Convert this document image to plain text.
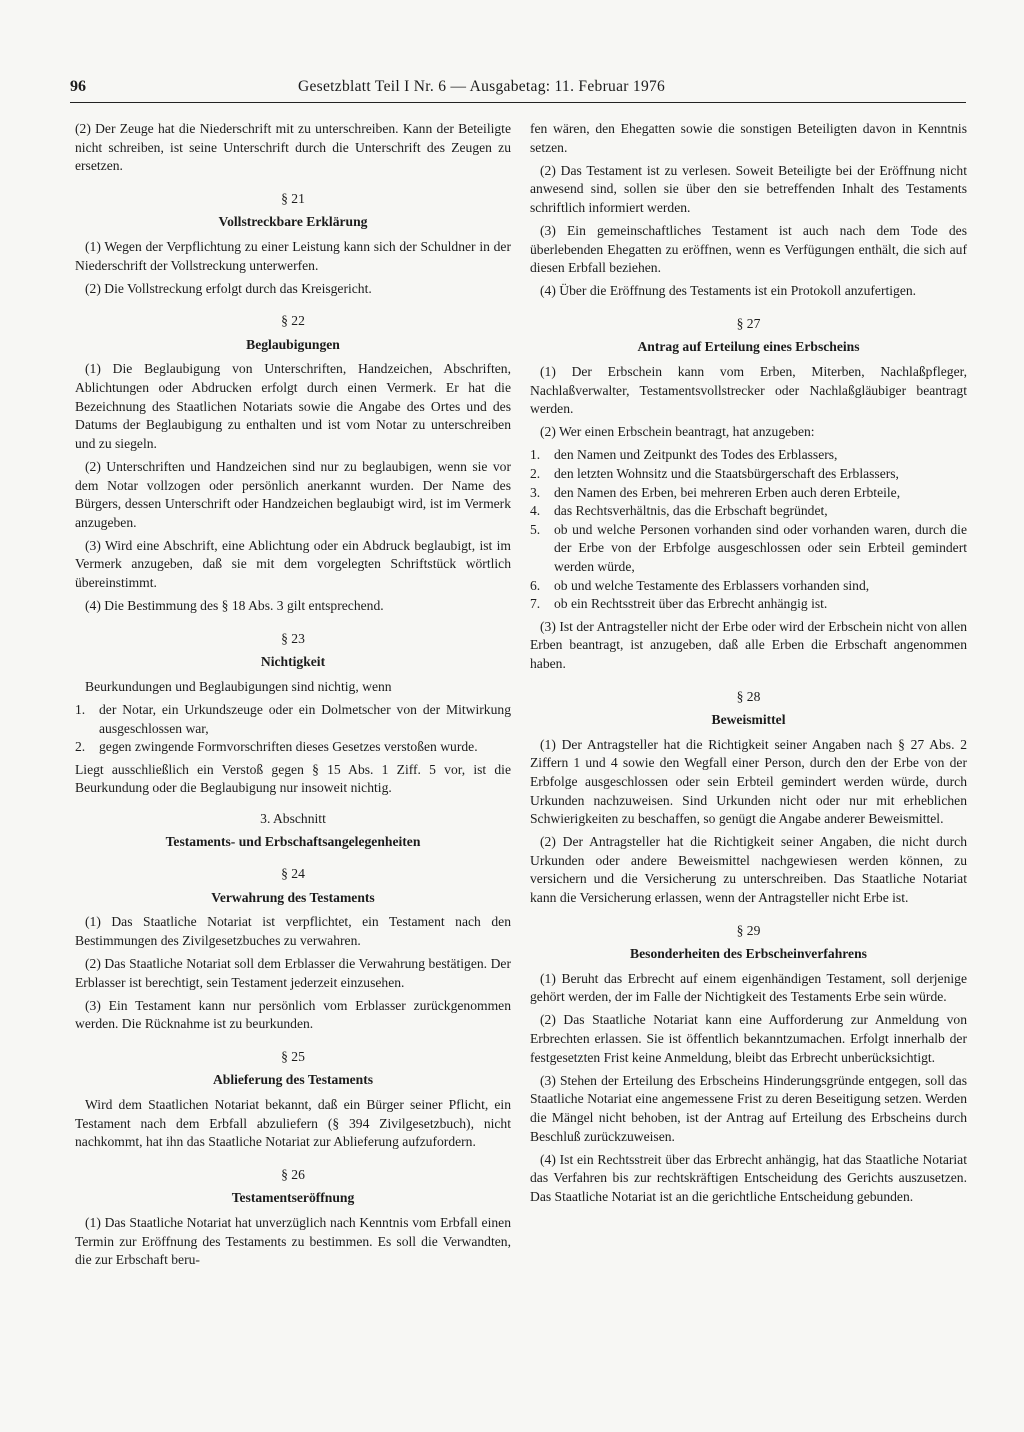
96	Gesetzblatt Teil I Nr. 6 — Ausgabetag: 11. Februar 1976

(2) Der Zeuge hat die Niederschrift mit zu unterschreiben. Kann der Beteiligte nicht schreiben, ist seine Unterschrift durch die Unterschrift des Zeugen zu ersetzen.

§ 21
Vollstreckbare Erklärung

(1) Wegen der Verpflichtung zu einer Leistung kann sich der Schuldner in der Niederschrift der Vollstreckung unterwerfen.

(2) Die Vollstreckung erfolgt durch das Kreisgericht.

§ 22
Beglaubigungen

(1) Die Beglaubigung von Unterschriften, Handzeichen, Abschriften, Ablichtungen oder Abdrucken erfolgt durch einen Vermerk. Er hat die Bezeichnung des Staatlichen Notariats sowie die Angabe des Ortes und des Datums der Beglaubigung zu enthalten und ist vom Notar zu unterschreiben und zu siegeln.

(2) Unterschriften und Handzeichen sind nur zu beglaubigen, wenn sie vor dem Notar vollzogen oder persönlich anerkannt wurden. Der Name des Bürgers, dessen Unterschrift oder Handzeichen beglaubigt wird, ist im Vermerk anzugeben.

(3) Wird eine Abschrift, eine Ablichtung oder ein Abdruck beglaubigt, ist im Vermerk anzugeben, daß sie mit dem vorgelegten Schriftstück wörtlich übereinstimmt.

(4) Die Bestimmung des § 18 Abs. 3 gilt entsprechend.

§ 23
Nichtigkeit

Beurkundungen und Beglaubigungen sind nichtig, wenn

1. der Notar, ein Urkundszeuge oder ein Dolmetscher von der Mitwirkung ausgeschlossen war,
2. gegen zwingende Formvorschriften dieses Gesetzes verstoßen wurde.

Liegt ausschließlich ein Verstoß gegen § 15 Abs. 1 Ziff. 5 vor, ist die Beurkundung oder die Beglaubigung nur insoweit nichtig.

3. Abschnitt
Testaments- und Erbschaftsangelegenheiten
§ 24
Verwahrung des Testaments

(1) Das Staatliche Notariat ist verpflichtet, ein Testament nach den Bestimmungen des Zivilgesetzbuches zu verwahren.

(2) Das Staatliche Notariat soll dem Erblasser die Verwahrung bestätigen. Der Erblasser ist berechtigt, sein Testament jederzeit einzusehen.

(3) Ein Testament kann nur persönlich vom Erblasser zurückgenommen werden. Die Rücknahme ist zu beurkunden.

§ 25
Ablieferung des Testaments

Wird dem Staatlichen Notariat bekannt, daß ein Bürger seiner Pflicht, ein Testament nach dem Erbfall abzuliefern (§ 394 Zivilgesetzbuch), nicht nachkommt, hat ihn das Staatliche Notariat zur Ablieferung aufzufordern.

§ 26
Testamentseröffnung

(1) Das Staatliche Notariat hat unverzüglich nach Kenntnis vom Erbfall einen Termin zur Eröffnung des Testaments zu bestimmen. Es soll die Verwandten, die zur Erbschaft beru-

fen wären, den Ehegatten sowie die sonstigen Beteiligten davon in Kenntnis setzen.

(2) Das Testament ist zu verlesen. Soweit Beteiligte bei der Eröffnung nicht anwesend sind, sollen sie über den sie betreffenden Inhalt des Testaments schriftlich informiert werden.

(3) Ein gemeinschaftliches Testament ist auch nach dem Tode des überlebenden Ehegatten zu eröffnen, wenn es Verfügungen enthält, die sich auf diesen Erbfall beziehen.

(4) Über die Eröffnung des Testaments ist ein Protokoll anzufertigen.

§ 27
Antrag auf Erteilung eines Erbscheins

(1) Der Erbschein kann vom Erben, Miterben, Nachlaßpfleger, Nachlaßverwalter, Testamentsvollstrecker oder Nachlaßgläubiger beantragt werden.

(2) Wer einen Erbschein beantragt, hat anzugeben:

1. den Namen und Zeitpunkt des Todes des Erblassers,
2. den letzten Wohnsitz und die Staatsbürgerschaft des Erblassers,
3. den Namen des Erben, bei mehreren Erben auch deren Erbteile,
4. das Rechtsverhältnis, das die Erbschaft begründet,
5. ob und welche Personen vorhanden sind oder vorhanden waren, durch die der Erbe von der Erbfolge ausgeschlossen oder sein Erbteil gemindert werden würde,
6. ob und welche Testamente des Erblassers vorhanden sind,
7. ob ein Rechtsstreit über das Erbrecht anhängig ist.

(3) Ist der Antragsteller nicht der Erbe oder wird der Erbschein nicht von allen Erben beantragt, ist anzugeben, daß alle Erben die Erbschaft angenommen haben.

§ 28
Beweismittel

(1) Der Antragsteller hat die Richtigkeit seiner Angaben nach § 27 Abs. 2 Ziffern 1 und 4 sowie den Wegfall einer Person, durch den der Erbe von der Erbfolge ausgeschlossen oder sein Erbteil gemindert werden würde, durch Urkunden nachzuweisen. Sind Urkunden nicht oder nur mit erheblichen Schwierigkeiten zu beschaffen, so genügt die Angabe anderer Beweismittel.

(2) Der Antragsteller hat die Richtigkeit seiner Angaben, die nicht durch Urkunden oder andere Beweismittel nachgewiesen werden können, zu versichern und die Versicherung zu unterschreiben. Das Staatliche Notariat kann die Versicherung erlassen, wenn der Antragsteller nicht Erbe ist.

§ 29
Besonderheiten des Erbscheinverfahrens

(1) Beruht das Erbrecht auf einem eigenhändigen Testament, soll derjenige gehört werden, der im Falle der Nichtigkeit des Testaments Erbe sein würde.

(2) Das Staatliche Notariat kann eine Aufforderung zur Anmeldung von Erbrechten erlassen. Sie ist öffentlich bekanntzumachen. Erfolgt innerhalb der festgesetzten Frist keine Anmeldung, bleibt das Erbrecht unberücksichtigt.

(3) Stehen der Erteilung des Erbscheins Hinderungsgründe entgegen, soll das Staatliche Notariat eine angemessene Frist zu deren Beseitigung setzen. Werden die Mängel nicht behoben, ist der Antrag auf Erteilung des Erbscheins durch Beschluß zurückzuweisen.

(4) Ist ein Rechtsstreit über das Erbrecht anhängig, hat das Staatliche Notariat das Verfahren bis zur rechtskräftigen Entscheidung des Gerichts auszusetzen. Das Staatliche Notariat ist an die gerichtliche Entscheidung gebunden.
